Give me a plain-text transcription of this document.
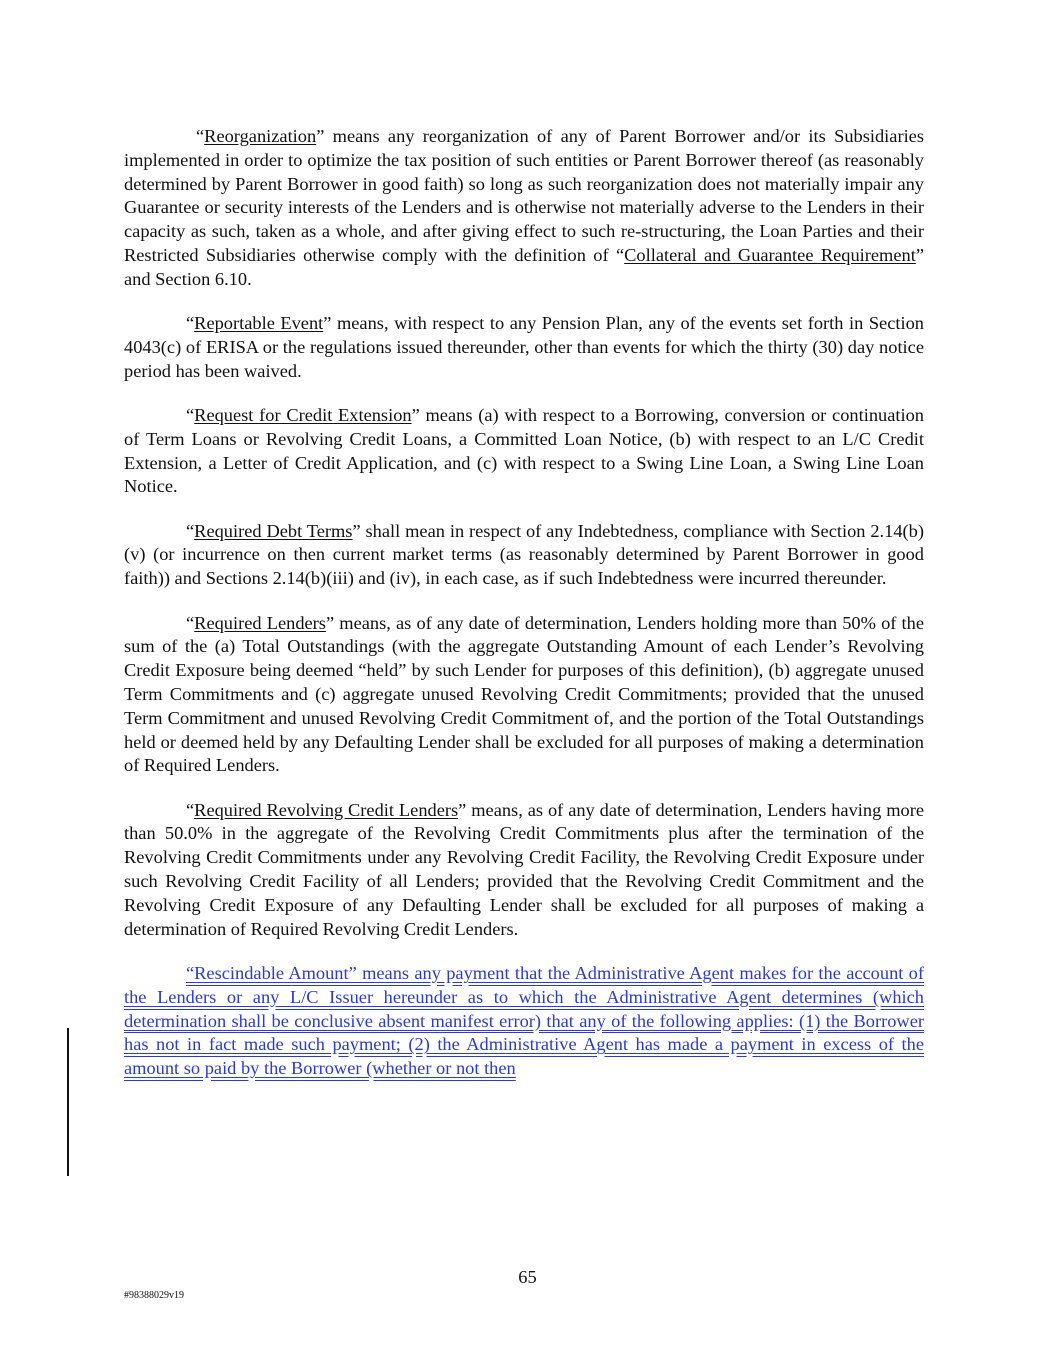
“Reorganization” means any reorganization of any of Parent Borrower and/or its Subsidiaries implemented in order to optimize the tax position of such entities or Parent Borrower thereof (as reasonably determined by Parent Borrower in good faith) so long as such reorganization does not materially impair any Guarantee or security interests of the Lenders and is otherwise not materially adverse to the Lenders in their capacity as such, taken as a whole, and after giving effect to such re-structuring, the Loan Parties and their Restricted Subsidiaries otherwise comply with the definition of “Collateral and Guarantee Requirement” and Section 6.10.

“Reportable Event” means, with respect to any Pension Plan, any of the events set forth in Section 4043(c) of ERISA or the regulations issued thereunder, other than events for which the thirty (30) day notice period has been waived.

“Request for Credit Extension” means (a) with respect to a Borrowing, conversion or continuation of Term Loans or Revolving Credit Loans, a Committed Loan Notice, (b) with respect to an L/C Credit Extension, a Letter of Credit Application, and (c) with respect to a Swing Line Loan, a Swing Line Loan Notice.

“Required Debt Terms” shall mean in respect of any Indebtedness, compliance with Section 2.14(b)(v) (or incurrence on then current market terms (as reasonably determined by Parent Borrower in good faith)) and Sections 2.14(b)(iii) and (iv), in each case, as if such Indebtedness were incurred thereunder.

“Required Lenders” means, as of any date of determination, Lenders holding more than 50% of the sum of the (a) Total Outstandings (with the aggregate Outstanding Amount of each Lender’s Revolving Credit Exposure being deemed “held” by such Lender for purposes of this definition), (b) aggregate unused Term Commitments and (c) aggregate unused Revolving Credit Commitments; provided that the unused Term Commitment and unused Revolving Credit Commitment of, and the portion of the Total Outstandings held or deemed held by any Defaulting Lender shall be excluded for all purposes of making a determination of Required Lenders.

“Required Revolving Credit Lenders” means, as of any date of determination, Lenders having more than 50.0% in the aggregate of the Revolving Credit Commitments plus after the termination of the Revolving Credit Commitments under any Revolving Credit Facility, the Revolving Credit Exposure under such Revolving Credit Facility of all Lenders; provided that the Revolving Credit Commitment and the Revolving Credit Exposure of any Defaulting Lender shall be excluded for all purposes of making a determination of Required Revolving Credit Lenders.

“Rescindable Amount” means any payment that the Administrative Agent makes for the account of the Lenders or any L/C Issuer hereunder as to which the Administrative Agent determines (which determination shall be conclusive absent manifest error) that any of the following applies: (1) the Borrower has not in fact made such payment; (2) the Administrative Agent has made a payment in excess of the amount so paid by the Borrower (whether or not then

65
#98388029v19
